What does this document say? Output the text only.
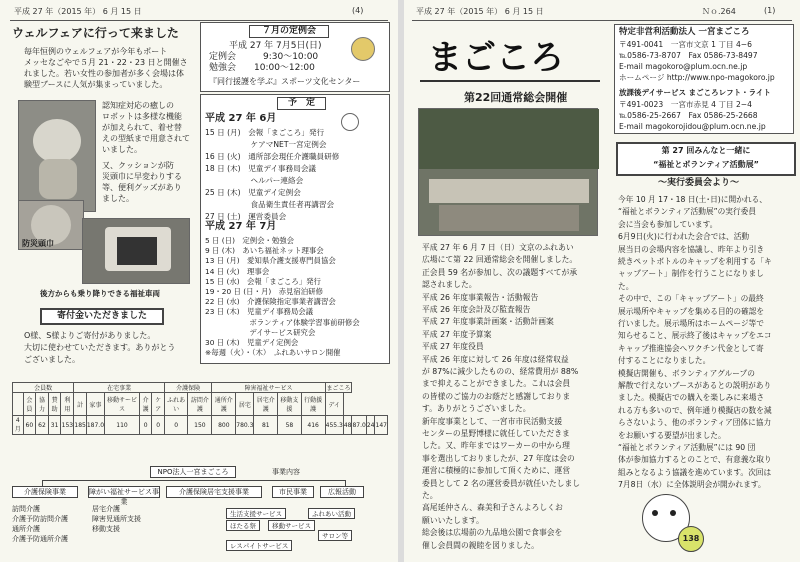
平成 27 年（2015 年） 6 月 15 日	(4)
ウェルフェアに行って来ました
毎年恒例のウェルフェアが今年もポート
メッセなごやで５月 21・22・23 日と開催さ
れました。若い女性の参加者が多く会場は体
験型ブースに人気が集まっていました。
認知症対応の癒しの
ロボットは多様な機能
が加えられて、着せ替
えの型紙まで用意されて
いました。
又、クッションが防
災頭巾に早変わりする
等、便利グッズがあり
ました。
防災頭巾
後方からも乗り降りできる福祉車両
寄付金いただきました
O様、S様よりご寄付がありました。
大切に使わせていただきます。ありがとう
ございました。
７月の定例会
平成 27 年 7月5日(日)
定例会　　　9:30〜10:00
勉強会　　10:00〜12:00
『同行援護を学ぶ』スポーツ文化センター
予　定
平成 27 年 6月
15 日 (月)　会報「まごころ」発行
　　　　　　ケアマNET一宮定例会
16 日 (火)　通所部会現任介護職員研修
18 日 (木)　児童デイ事務局会議
　　　　　　ヘルパー連絡会
25 日 (木)　児童デイ定例会
　　　　　　食品衛生責任者再講習会
27 日 (土)　運営委員会
平成 27 年 7月
5 日 (日)　定例会・勉強会
9 日 (木)　あいち福祉ネット理事会
13 日 (月)　愛知県介護支援専門員協会
14 日 (火)　理事会
15 日 (水)　会報「まごころ」発行
19・20 日 (日・月)　赤見宿泊研修
22 日 (水)　介護保険指定事業者講習会
23 日 (木)　児童デイ事務局会議
　　　　　　ボランティア体験学習事前研修会
　　　　　　デイサービス研究会
30 日 (木)　児童デイ定例会
※毎週（火）・（木）　ふれあいサロン開催
会員数					在宅事業					介護保険		障害福祉サービス					まごころ				
	会員	協力	賛助	利用	計	家事	移動サービス	介護	ケア	ふれあい	訪問介護	通所介護	居宅	居宅介護	移動支援	行動援護	デイ				
4月	60	62	31	153	185	187.0	110	0	0	0	150	800	780.3	81	58	416	455.3	48	87.0	24	147
NPO法人一宮まごころ	事業内容
介護保険事業	障がい福祉サービス事業
介護保険居宅支援事業	市民事業	広報活動
訪問介護
介護予防訪問介護
通所介護
介護予防通所介護
居宅介護
障害児通所支援
移動支援
生活支援サービス	ふれあい活動
ほたる祭	移動サービス
サロン等
レスパイトサービス
平成 27 年（2015 年） 6 月 15 日	Ｎｏ.264	(1)
まごころ
特定非営利活動法人 一宮まごころ
〒491-0041　一宮市文京 1 丁目 4−6
℡0586-73-8707　Fax 0586-73-8497
E-mail magokoro@plum.ocn.ne.jp
ホームページ http://www.npo-magokoro.jp
放課後デイサービス まごころレフト・ライト
〒491-0023　一宮市赤見 4 丁目 2−4
℡0586-25-2667　Fax 0586-25-2668
E-mail magokorojidou@plum.ocn.ne.jp
第22回通常総会開催
平成 27 年 6 月 7 日（日）文京のふれあい
広場にて第 22 回通常総会を開催しました。
正会員 59 名が参加し、次の議題すべてが承
認されました。
平成 26 年度事業報告・活動報告
平成 26 年度会計及び監査報告
平成 27 年度事業計画案・活動計画案
平成 27 年度予算案
平成 27 年度役員
平成 26 年度に対して 26 年度は経常収益
が 87%に減少したものの、経常費用が 88%
まで抑えることができました。これは会員
の皆様のご協力のお蔭だと感謝しておりま
す。ありがとうございました。
新年度事業として、一宮市市民活動支援
センターの星野博様に就任していただきま
した。又、昨年まではワーカーの中から理
事を選出しておりましたが、27 年度は会の
運営に積極的に参加して頂くために、運営
委員として 2 名の運営委員が就任いたしまし
た。
高尾延仲さん、森美和子さんよろしくお
願いいたします。
総会後は広場前の九品地公園で食事会を
催し会員間の親睦を図りました。
第 27 回みんなと一緒に
“福祉とボランティア活動展”
〜実行委員会より〜
今年 10 月 17・18 日(土･日)に開かれる、
“福祉とボランティア活動展”の実行委員
会に当会も参加しています。
6月9日(火)に行われた会合では、活動
展当日の会場内容を協議し、昨年より引き
続きペットボトルのキャップを利用する「キ
ャップアート」制作を行うことになりまし
た。
その中で、この「キャップアート」の最終
展示場所やキャップを集める目的の確認を
行いました。展示場所はホームページ等で
知らせること、展示終了後はキャップをエコ
キャップ推進協会へワクチン代金として寄
付することになりました。
模擬店開催も、ボランティアグループの
解散で行えないブースがあるとの説明があり
ました。模擬店での購入を楽しみに来場さ
れる方も多いので、例年通り模擬店の数を減
らさないよう、他のボランティア団体に協力
をお願いする要望が出ました。
“福祉とボランティア活動展”には 90 団
体が参加協力するとのことで、有意義な取り
組みとなるよう協議を進めています。次回は
7月8日（水）に全体説明会が開かれます。
138
